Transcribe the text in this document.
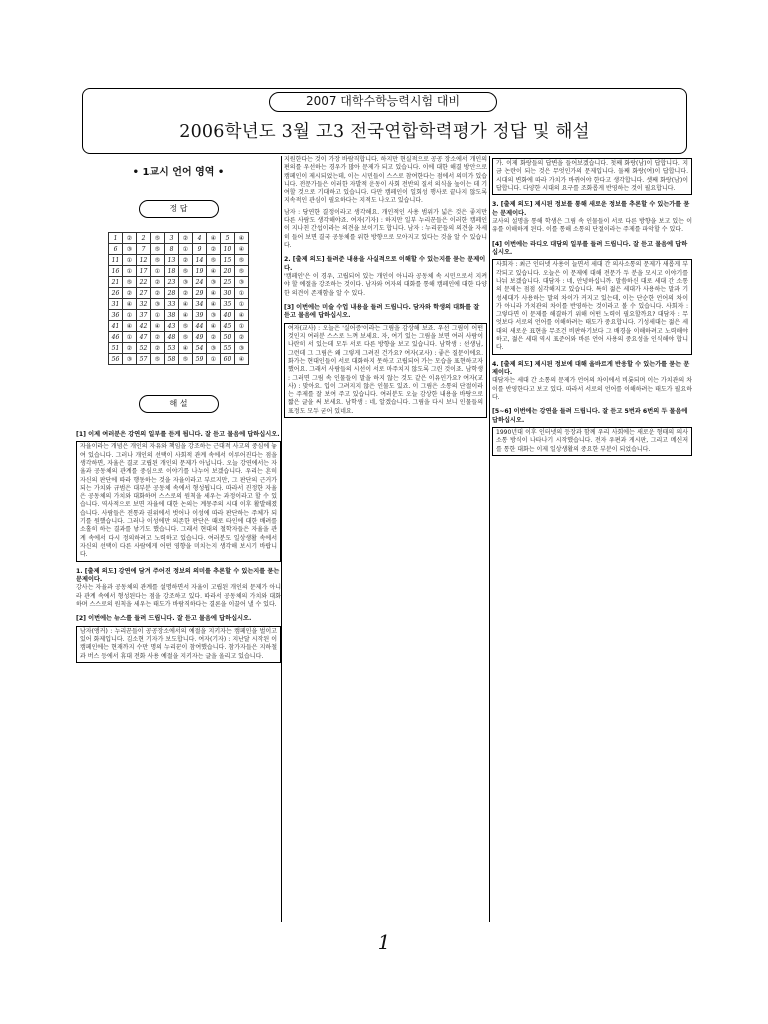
2007 대학수학능력시험 대비
2006학년도 3월 고3 전국연합학력평가 정답 및 해설
• 1교시 언어 영역 •
정 답
1	②	2	⑤	3	②	4	④	5	④
6	③	7	⑤	8	①	9	②	10	④
11	①	12	⑤	13	②	14	⑤	15	⑤
16	①	17	①	18	⑤	19	④	20	⑤
21	⑤	22	②	23	③	24	③	25	③
26	②	27	②	28	②	29	④	30	①
31	④	32	③	33	④	34	④	35	①
36	①	37	①	38	④	39	③	40	④
41	④	42	④	43	⑤	44	④	45	①
46	①	47	②	48	⑤	49	②	50	②
51	②	52	②	53	④	54	③	55	③
56	③	57	⑤	58	⑤	59	①	60	④
해 설
[1] 이제 여러분은 강연의 일부를 듣게 됩니다. 잘 듣고 물음에 답하십시오.

자율이라는 개념은 개인의 자유와 책임을 강조하는 근대적 사고의 중심에 놓여 있습니다. 그러나 개인의 선택이 사회적 관계 속에서 이루어진다는 점을 생각하면, 자율은 결코 고립된 개인의 문제가 아닙니다. 오늘 강연에서는 자율과 공동체의 관계를 중심으로 이야기를 나누어 보겠습니다. 우리는 흔히 자신의 판단에 따라 행동하는 것을 자율이라고 부르지만, 그 판단의 근거가 되는 가치와 규범은 대부분 공동체 속에서 형성됩니다. 따라서 진정한 자율은 공동체의 가치와 대화하며 스스로의 원칙을 세우는 과정이라고 할 수 있습니다. 역사적으로 보면 자율에 대한 논의는 계몽주의 시대 이후 활발해졌습니다. 사람들은 전통과 권위에서 벗어나 이성에 따라 판단하는 주체가 되기를 원했습니다. 그러나 이성에만 의존한 판단은 때로 타인에 대한 배려를 소홀히 하는 결과를 낳기도 했습니다. 그래서 현대의 철학자들은 자율을 관계 속에서 다시 정의하려고 노력하고 있습니다. 여러분도 일상생활 속에서 자신의 선택이 다른 사람에게 어떤 영향을 미치는지 생각해 보시기 바랍니다.

1. [출제 의도] 강연에 담겨 주어진 정보의 의미를 추론할 수 있는지를 묻는 문제이다.
강사는 자율과 공동체의 관계를 설명하면서 자율이 고립된 개인의 문제가 아니라 관계 속에서 형성된다는 점을 강조하고 있다. 따라서 공동체의 가치와 대화하며 스스로의 원칙을 세우는 태도가 바람직하다는 결론을 이끌어 낼 수 있다.
[2] 이번에는 뉴스를 들려 드립니다. 잘 듣고 물음에 답하십시오.

남자(앵커) : 누리꾼들이 공공장소에서의 예절을 지키자는 캠페인을 벌이고 있어 화제입니다. 김소현 기자가 보도합니다. 여자(기자) : 지난달 시작된 이 캠페인에는 현재까지 수만 명의 누리꾼이 참여했습니다. 참가자들은 지하철과 버스 등에서 휴대 전화 사용 예절을 지키자는 글을 올리고 있습니다.

지원한다는 것이 가장 바람직합니다. 하지만 현실적으로 공공 장소에서 개인의 편의를 우선하는 경우가 많아 문제가 되고 있습니다. 이에 대한 해결 방안으로 캠페인이 제시되었는데, 이는 시민들이 스스로 참여한다는 점에서 의미가 있습니다. 전문가들은 이러한 자발적 운동이 사회 전반의 질서 의식을 높이는 데 기여할 것으로 기대하고 있습니다. 다만 캠페인이 일회성 행사로 끝나지 않도록 지속적인 관심이 필요하다는 지적도 나오고 있습니다.
남자 : 당연한 결정이라고 생각해요. 개인적인 사용 범위가 넓은 것은 좋지만 다른 사람도 생각해야죠. 여자(기자) : 하지만 일부 누리꾼들은 이러한 캠페인이 지나친 간섭이라는 의견을 보이기도 합니다. 남자 : 누리꾼들의 의견을 자세히 들어 보면 결국 공동체를 위한 방향으로 모아지고 있다는 것을 알 수 있습니다.
2. [출제 의도] 들려준 내용을 사실적으로 이해할 수 있는지를 묻는 문제이다.
'캠페인'은 이 경우, 고립되어 있는 개인이 아니라 공동체 속 시민으로서 지켜야 할 예절을 강조하는 것이다. 남자와 여자의 대화를 통해 캠페인에 대한 다양한 의견이 존재함을 알 수 있다.
[3] 이번에는 미술 수업 내용을 들려 드립니다. 담자와 학생의 대화를 잘 듣고 물음에 답하십시오.

여자(교사) : 오늘은 '실어증'이라는 그림을 감상해 보죠. 우선 그림이 어떤 것인지 여러분 스스로 느껴 보세요. 자, 여기 있는 그림을 보면 여러 사람이 나란히 서 있는데 모두 서로 다른 방향을 보고 있습니다. 남학생 : 선생님, 그런데 그 그림은 왜 그렇게 그려진 건가요? 여자(교사) : 좋은 질문이에요. 화가는 현대인들이 서로 대화하지 못하고 고립되어 가는 모습을 표현하고자 했어요. 그래서 사람들의 시선이 서로 마주치지 않도록 그린 것이죠. 남학생 : 그러면 그림 속 인물들이 말을 하지 않는 것도 같은 이유인가요? 여자(교사) : 맞아요. 입이 그려지지 않은 인물도 있죠. 이 그림은 소통의 단절이라는 주제를 잘 보여 주고 있습니다. 여러분도 오늘 감상한 내용을 바탕으로 짧은 글을 써 보세요. 남학생 : 네, 알겠습니다. 그림을 다시 보니 인물들의 표정도 모두 굳어 있네요.

가. 이제 화랑들의 답변을 들어보겠습니다. 첫째 화랑(남)이 답합니다. 지금 논란이 되는 것은 무엇인가의 문제입니다. 둘째 화랑(여)이 답합니다. 시대의 변화에 따라 가치가 바뀌어야 한다고 생각합니다. 셋째 화랑(남)이 답합니다. 다양한 시대의 요구를 조화롭게 반영하는 것이 필요합니다.

3. [출제 의도] 제시된 정보를 통해 새로운 정보를 추론할 수 있는가를 묻는 문제이다.
교사의 설명을 통해 학생은 그림 속 인물들이 서로 다른 방향을 보고 있는 이유를 이해하게 된다. 이를 통해 소통의 단절이라는 주제를 파악할 수 있다.
[4] 이번에는 라디오 대담의 일부를 들려 드립니다. 잘 듣고 물음에 답하십시오.

사회자 : 최근 인터넷 사용이 늘면서 세대 간 의사소통의 문제가 새롭게 부각되고 있습니다. 오늘은 이 문제에 대해 전문가 두 분을 모시고 이야기를 나눠 보겠습니다. 대담자 : 네, 안녕하십니까. 말씀하신 대로 세대 간 소통의 문제는 점점 심각해지고 있습니다. 특히 젊은 세대가 사용하는 말과 기성세대가 사용하는 말의 차이가 커지고 있는데, 이는 단순한 언어의 차이가 아니라 가치관의 차이를 반영하는 것이라고 볼 수 있습니다. 사회자 : 그렇다면 이 문제를 해결하기 위해 어떤 노력이 필요할까요? 대담자 : 무엇보다 서로의 언어를 이해하려는 태도가 중요합니다. 기성세대는 젊은 세대의 새로운 표현을 무조건 비판하기보다 그 배경을 이해하려고 노력해야 하고, 젊은 세대 역시 표준어와 바른 언어 사용의 중요성을 인식해야 합니다.

4. [출제 의도] 제시된 정보에 대해 올바르게 반응할 수 있는가를 묻는 문제이다.
대담자는 세대 간 소통의 문제가 언어의 차이에서 비롯되며 이는 가치관의 차이를 반영한다고 보고 있다. 따라서 서로의 언어를 이해하려는 태도가 필요하다.
[5~6] 이번에는 강연을 들려 드립니다. 잘 듣고 5번과 6번의 두 물음에 답하십시오.

1990년대 이후 인터넷의 등장과 함께 우리 사회에는 새로운 형태의 의사소통 방식이 나타나기 시작했습니다. 전자 우편과 게시판, 그리고 메신저를 통한 대화는 이제 일상생활의 중요한 부분이 되었습니다.

1
